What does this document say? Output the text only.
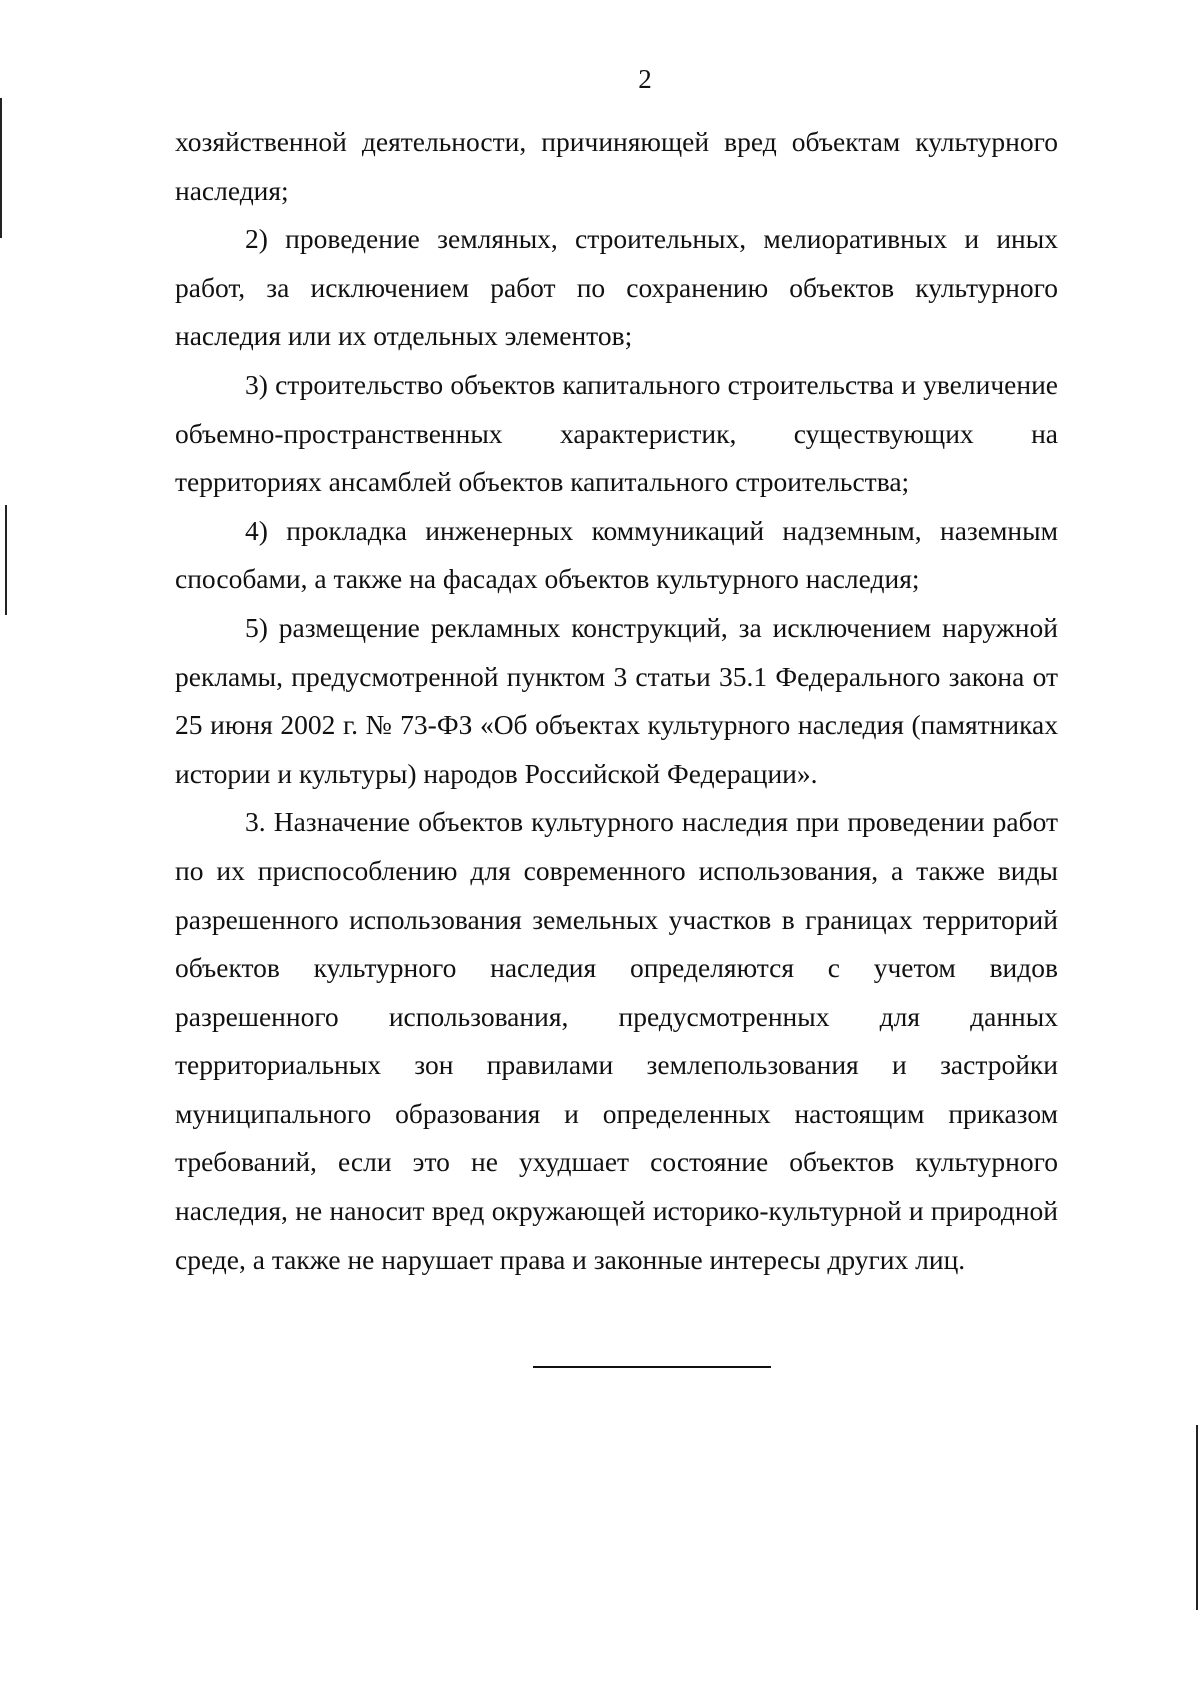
2

хозяйственной деятельности, причиняющей вред объектам культурного наследия;

2) проведение земляных, строительных, мелиоративных и иных работ, за исключением работ по сохранению объектов культурного наследия или их отдельных элементов;

3) строительство объектов капитального строительства и увеличение объемно-пространственных характеристик, существующих на территориях ансамблей объектов капитального строительства;

4) прокладка инженерных коммуникаций надземным, наземным способами, а также на фасадах объектов культурного наследия;

5) размещение рекламных конструкций, за исключением наружной рекламы, предусмотренной пунктом 3 статьи 35.1 Федерального закона от 25 июня 2002 г. № 73-ФЗ «Об объектах культурного наследия (памятниках истории и культуры) народов Российской Федерации».

3. Назначение объектов культурного наследия при проведении работ по их приспособлению для современного использования, а также виды разрешенного использования земельных участков в границах территорий объектов культурного наследия определяются с учетом видов разрешенного использования, предусмотренных для данных территориальных зон правилами землепользования и застройки муниципального образования и определенных настоящим приказом требований, если это не ухудшает состояние объектов культурного наследия, не наносит вред окружающей историко-культурной и природной среде, а также не нарушает права и законные интересы других лиц.
